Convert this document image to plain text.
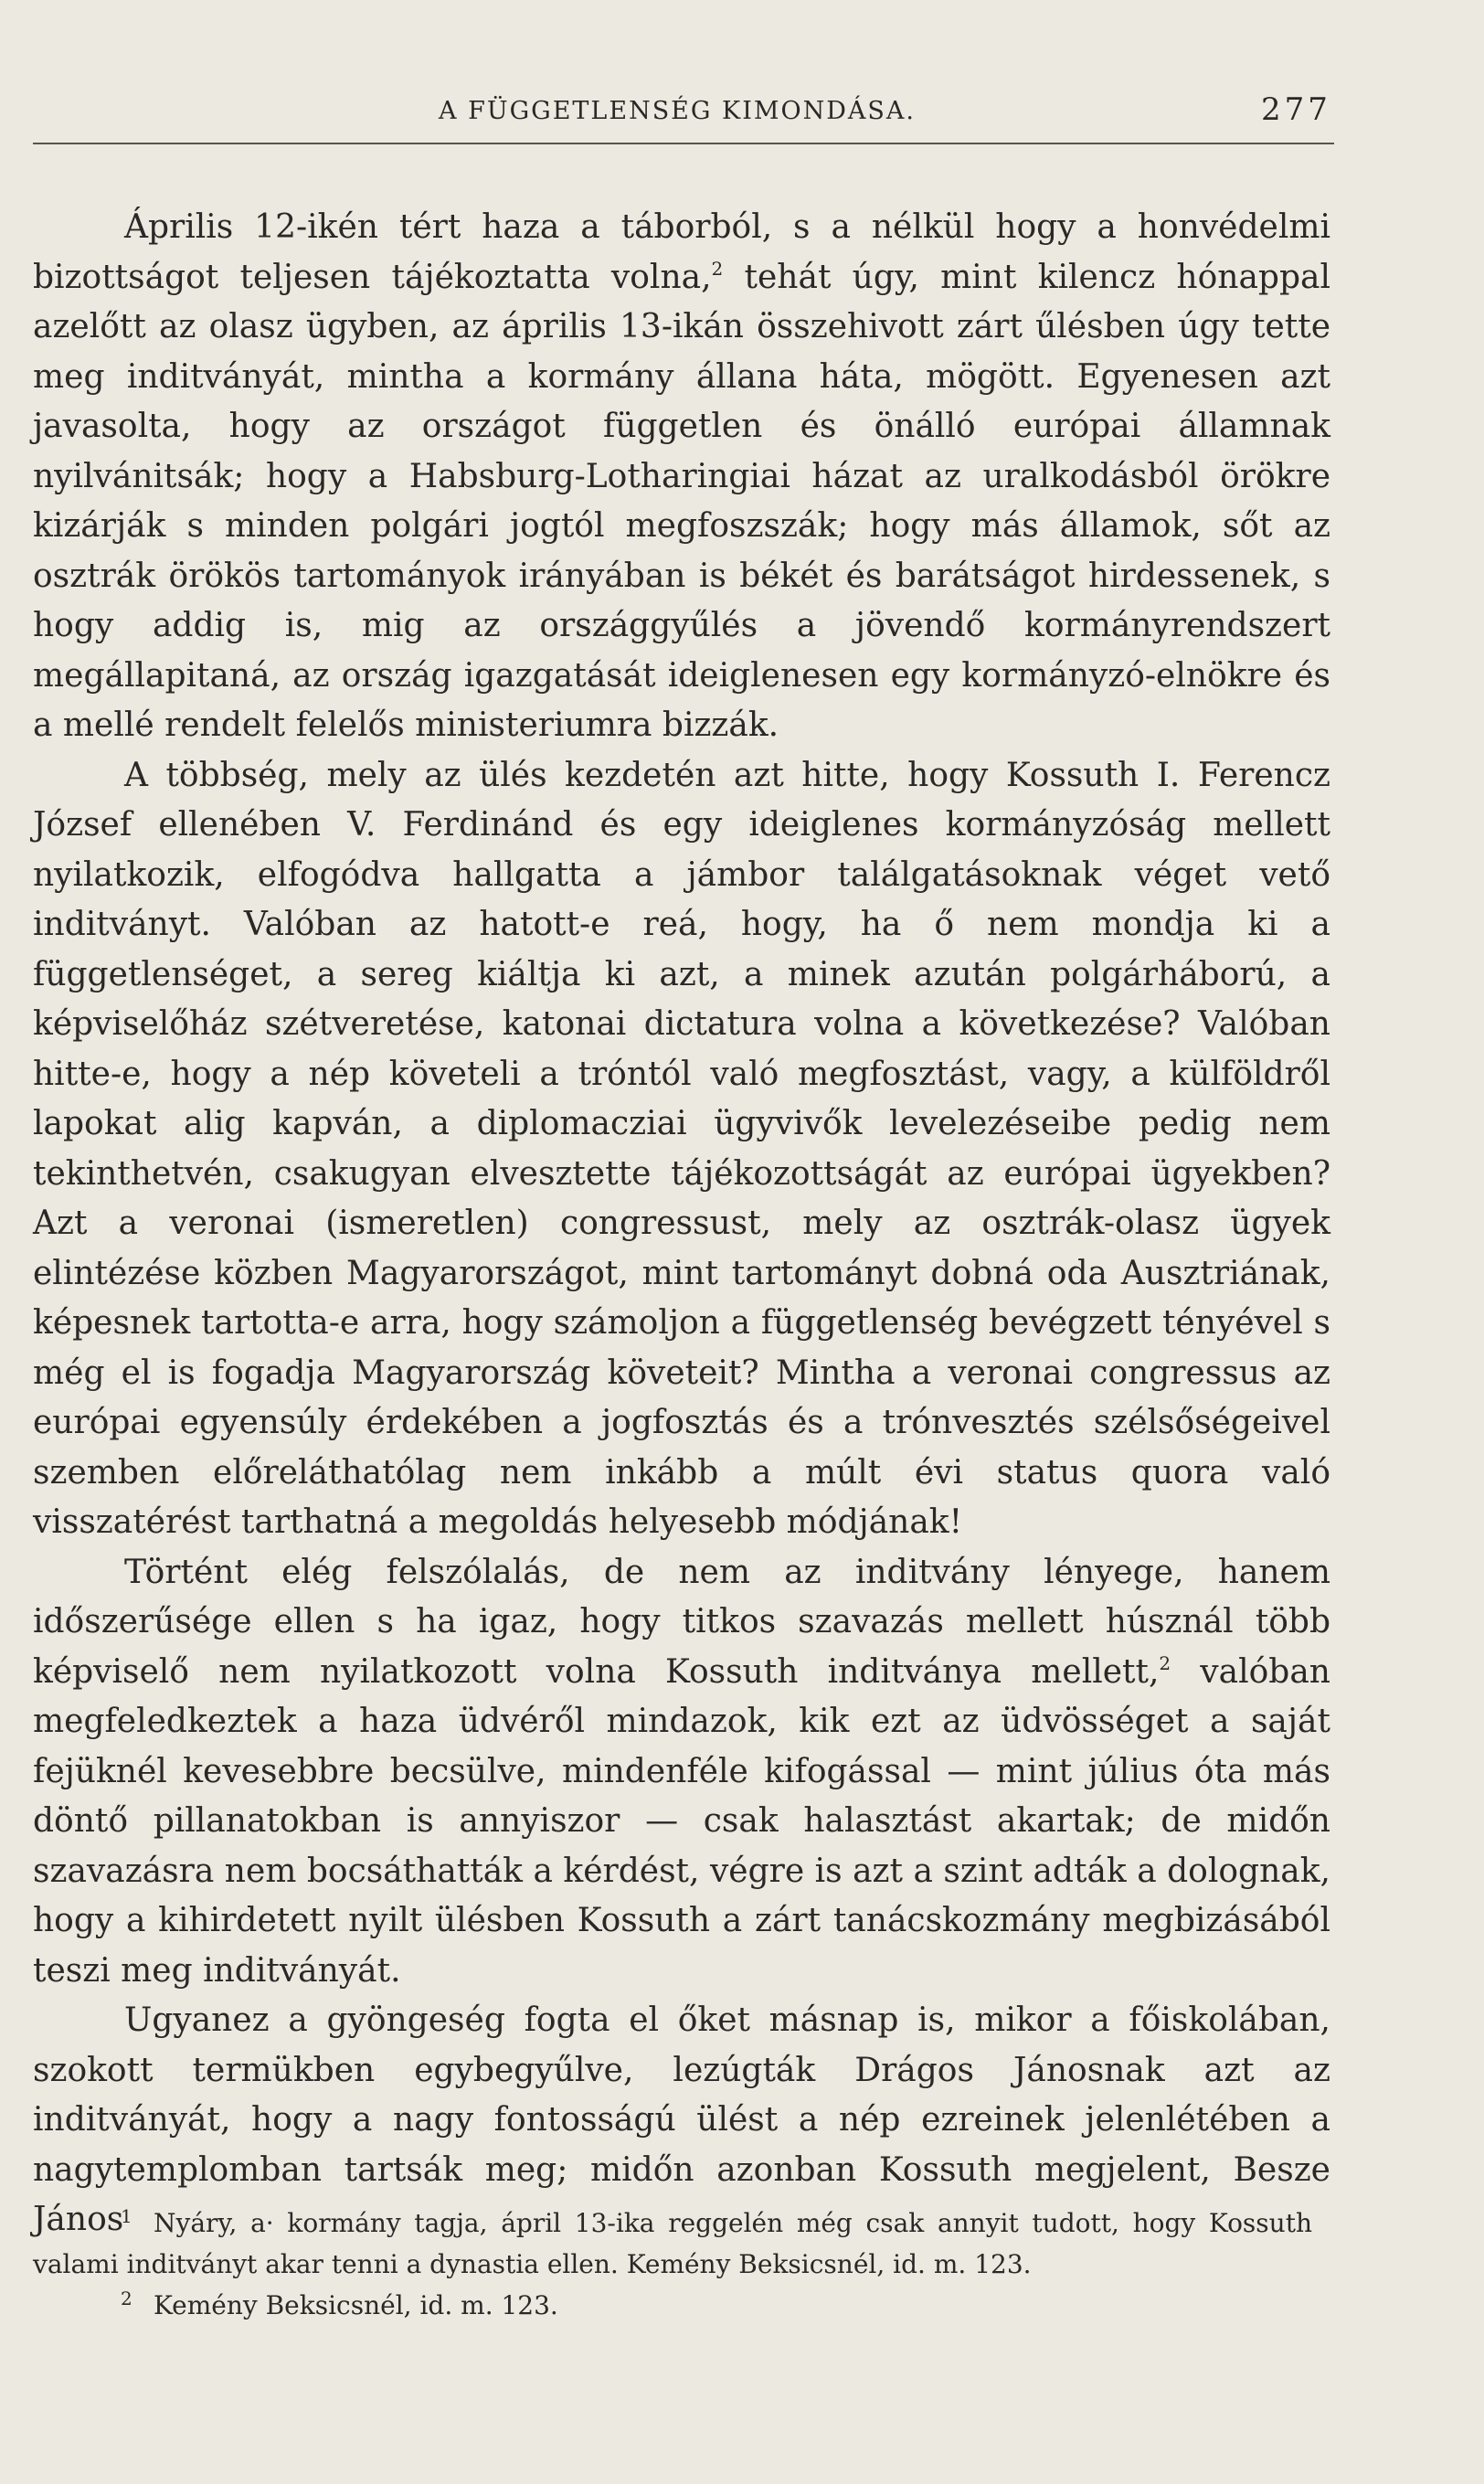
A FÜGGETLENSÉG KIMONDÁSA.	277

Április 12-ikén tért haza a táborból, s a nélkül hogy a honvédelmi bizottságot teljesen tájékoztatta volna,$^2$ tehát úgy, mint kilencz hónappal azelőtt az olasz ügyben, az április 13-ikán összehivott zárt űlésben úgy tette meg inditványát, mintha a kormány állana háta, mögött. Egyenesen azt javasolta, hogy az országot független és önálló európai államnak nyilvánitsák; hogy a Habsburg-Lotharingiai házat az uralkodásból örökre kizárják s minden polgári jogtól megfoszszák; hogy más államok, sőt az osztrák örökös tartományok irányában is békét és barátságot hirdessenek, s hogy addig is, mig az országgyűlés a jövendő kormányrendszert megállapitaná, az ország igazgatását ideiglenesen egy kormányzó-elnökre és a mellé rendelt felelős ministeriumra bizzák.

A többség, mely az ülés kezdetén azt hitte, hogy Kossuth I. Ferencz József ellenében V. Ferdinánd és egy ideiglenes kormányzóság mellett nyilatkozik, elfogódva hallgatta a jámbor találgatásoknak véget vető inditványt. Valóban az hatott-e reá, hogy, ha ő nem mondja ki a függetlenséget, a sereg kiáltja ki azt, a minek azután polgárháború, a képviselőház szétveretése, katonai dictatura volna a következése? Valóban hitte-e, hogy a nép követeli a tróntól való megfosztást, vagy, a külföldről lapokat alig kapván, a diplomacziai ügyvivők levelezéseibe pedig nem tekinthetvén, csakugyan elvesztette tájékozottságát az európai ügyekben? Azt a veronai (ismeretlen) congressust, mely az osztrák-olasz ügyek elintézése közben Magyarországot, mint tartományt dobná oda Ausztriának, képesnek tartotta-e arra, hogy számoljon a függetlenség bevégzett tényével s még el is fogadja Magyarország követeit? Mintha a veronai congressus az európai egyensúly érdekében a jogfosztás és a trónvesztés szélsőségeivel szemben előreláthatólag nem inkább a múlt évi status quora való visszatérést tarthatná a megoldás helyesebb módjának!

Történt elég felszólalás, de nem az inditvány lényege, hanem időszerűsége ellen s ha igaz, hogy titkos szavazás mellett húsznál több képviselő nem nyilatkozott volna Kossuth inditványa mellett,$^2$ valóban megfeledkeztek a haza üdvéről mindazok, kik ezt az üdvösséget a saját fejüknél kevesebbre becsülve, mindenféle kifogással — mint július óta más döntő pillanatokban is annyiszor — csak halasztást akartak; de midőn szavazásra nem bocsáthatták a kérdést, végre is azt a szint adták a dolognak, hogy a kihirdetett nyilt ülésben Kossuth a zárt tanácskozmány megbizásából teszi meg inditványát.

Ugyanez a gyöngeség fogta el őket másnap is, mikor a főiskolában, szokott termükben egybegyűlve, lezúgták Drágos Jánosnak azt az inditványát, hogy a nagy fontosságú ülést a nép ezreinek jelenlétében a nagytemplomban tartsák meg; midőn azonban Kossuth megjelent, Besze János

1 Nyáry, a· kormány tagja, ápril 13-ika reggelén még csak annyit tudott, hogy Kossuth valami inditványt akar tenni a dynastia ellen. Kemény Beksicsnél, id. m. 123.
2 Kemény Beksicsnél, id. m. 123.
